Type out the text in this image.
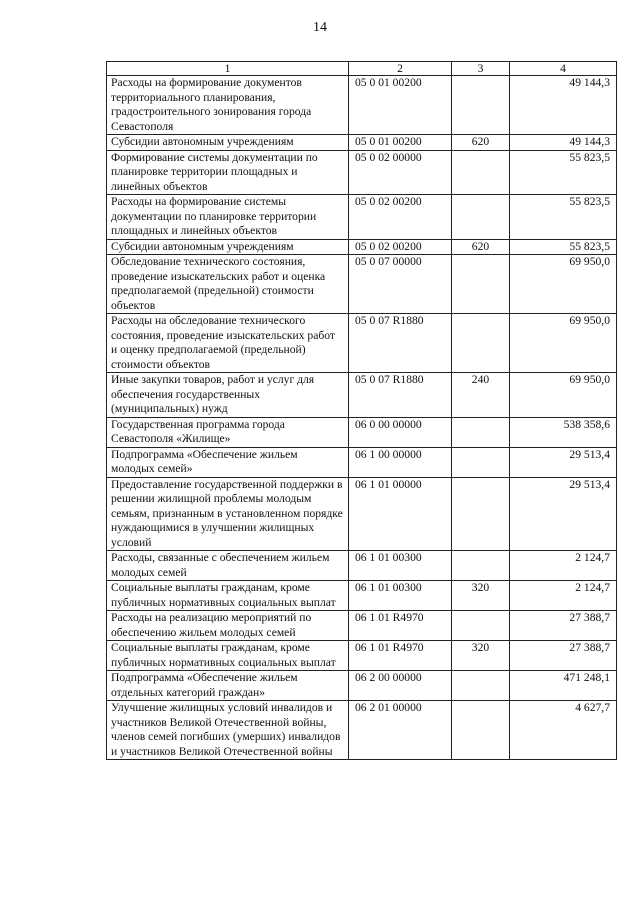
14
1	2	3	4
Расходы на формирование документов территориального планирования, градостроительного зонирования города Севастополя	05 0 01 00200		49 144,3
Субсидии автономным учреждениям	05 0 01 00200	620	49 144,3
Формирование системы документации по планировке территории площадных и линейных объектов	05 0 02 00000		55 823,5
Расходы на формирование системы документации по планировке территории площадных и линейных объектов	05 0 02 00200		55 823,5
Субсидии автономным учреждениям	05 0 02 00200	620	55 823,5
Обследование технического состояния, проведение изыскательских работ и оценка предполагаемой (предельной) стоимости объектов	05 0 07 00000		69 950,0
Расходы на обследование технического состояния, проведение изыскательских работ и оценку предполагаемой (предельной) стоимости объектов	05 0 07 R1880		69 950,0
Иные закупки товаров, работ и услуг для обеспечения государственных (муниципальных) нужд	05 0 07 R1880	240	69 950,0
Государственная программа города Севастополя «Жилище»	06 0 00 00000		538 358,6
Подпрограмма «Обеспечение жильем молодых семей»	06 1 00 00000		29 513,4
Предоставление государственной поддержки в решении жилищной проблемы молодым семьям, признанным в установленном порядке нуждающимися в улучшении жилищных условий	06 1 01 00000		29 513,4
Расходы, связанные с обеспечением жильем молодых семей	06 1 01 00300		2 124,7
Социальные выплаты гражданам, кроме публичных нормативных социальных выплат	06 1 01 00300	320	2 124,7
Расходы на реализацию мероприятий по обеспечению жильем молодых семей	06 1 01 R4970		27 388,7
Социальные выплаты гражданам, кроме публичных нормативных социальных выплат	06 1 01 R4970	320	27 388,7
Подпрограмма «Обеспечение жильем отдельных категорий граждан»	06 2 00 00000		471 248,1
Улучшение жилищных условий инвалидов и участников Великой Отечественной войны, членов семей погибших (умерших) инвалидов и участников Великой Отечественной войны	06 2 01 00000		4 627,7
